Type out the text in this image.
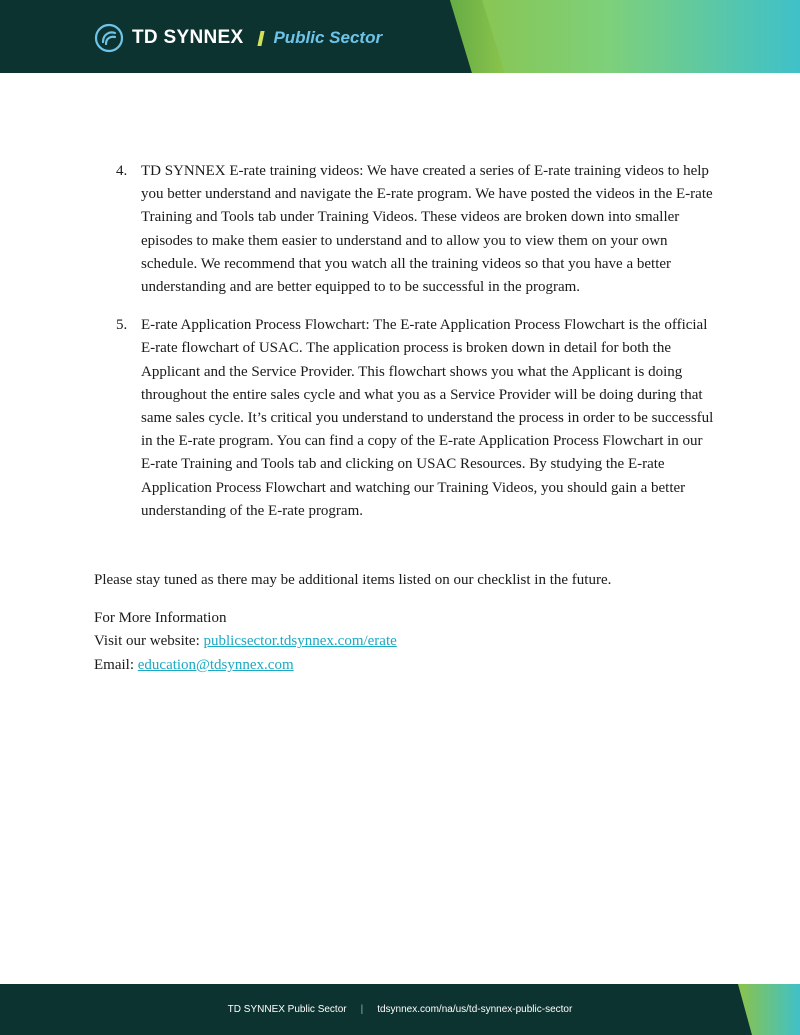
TD SYNNEX Public Sector
4. TD SYNNEX E-rate training videos: We have created a series of E-rate training videos to help you better understand and navigate the E-rate program. We have posted the videos in the E-rate Training and Tools tab under Training Videos. These videos are broken down into smaller episodes to make them easier to understand and to allow you to view them on your own schedule. We recommend that you watch all the training videos so that you have a better understanding and are better equipped to to be successful in the program.
5. E-rate Application Process Flowchart: The E-rate Application Process Flowchart is the official E-rate flowchart of USAC. The application process is broken down in detail for both the Applicant and the Service Provider. This flowchart shows you what the Applicant is doing throughout the entire sales cycle and what you as a Service Provider will be doing during that same sales cycle. It’s critical you understand to understand the process in order to be successful in the E-rate program. You can find a copy of the E-rate Application Process Flowchart in our E-rate Training and Tools tab and clicking on USAC Resources. By studying the E-rate Application Process Flowchart and watching our Training Videos, you should gain a better understanding of the E-rate program.

Please stay tuned as there may be additional items listed on our checklist in the future.

For More Information
Visit our website: publicsector.tdsynnex.com/erate
Email: education@tdsynnex.com
TD SYNNEX Public Sector | tdsynnex.com/na/us/td-synnex-public-sector
